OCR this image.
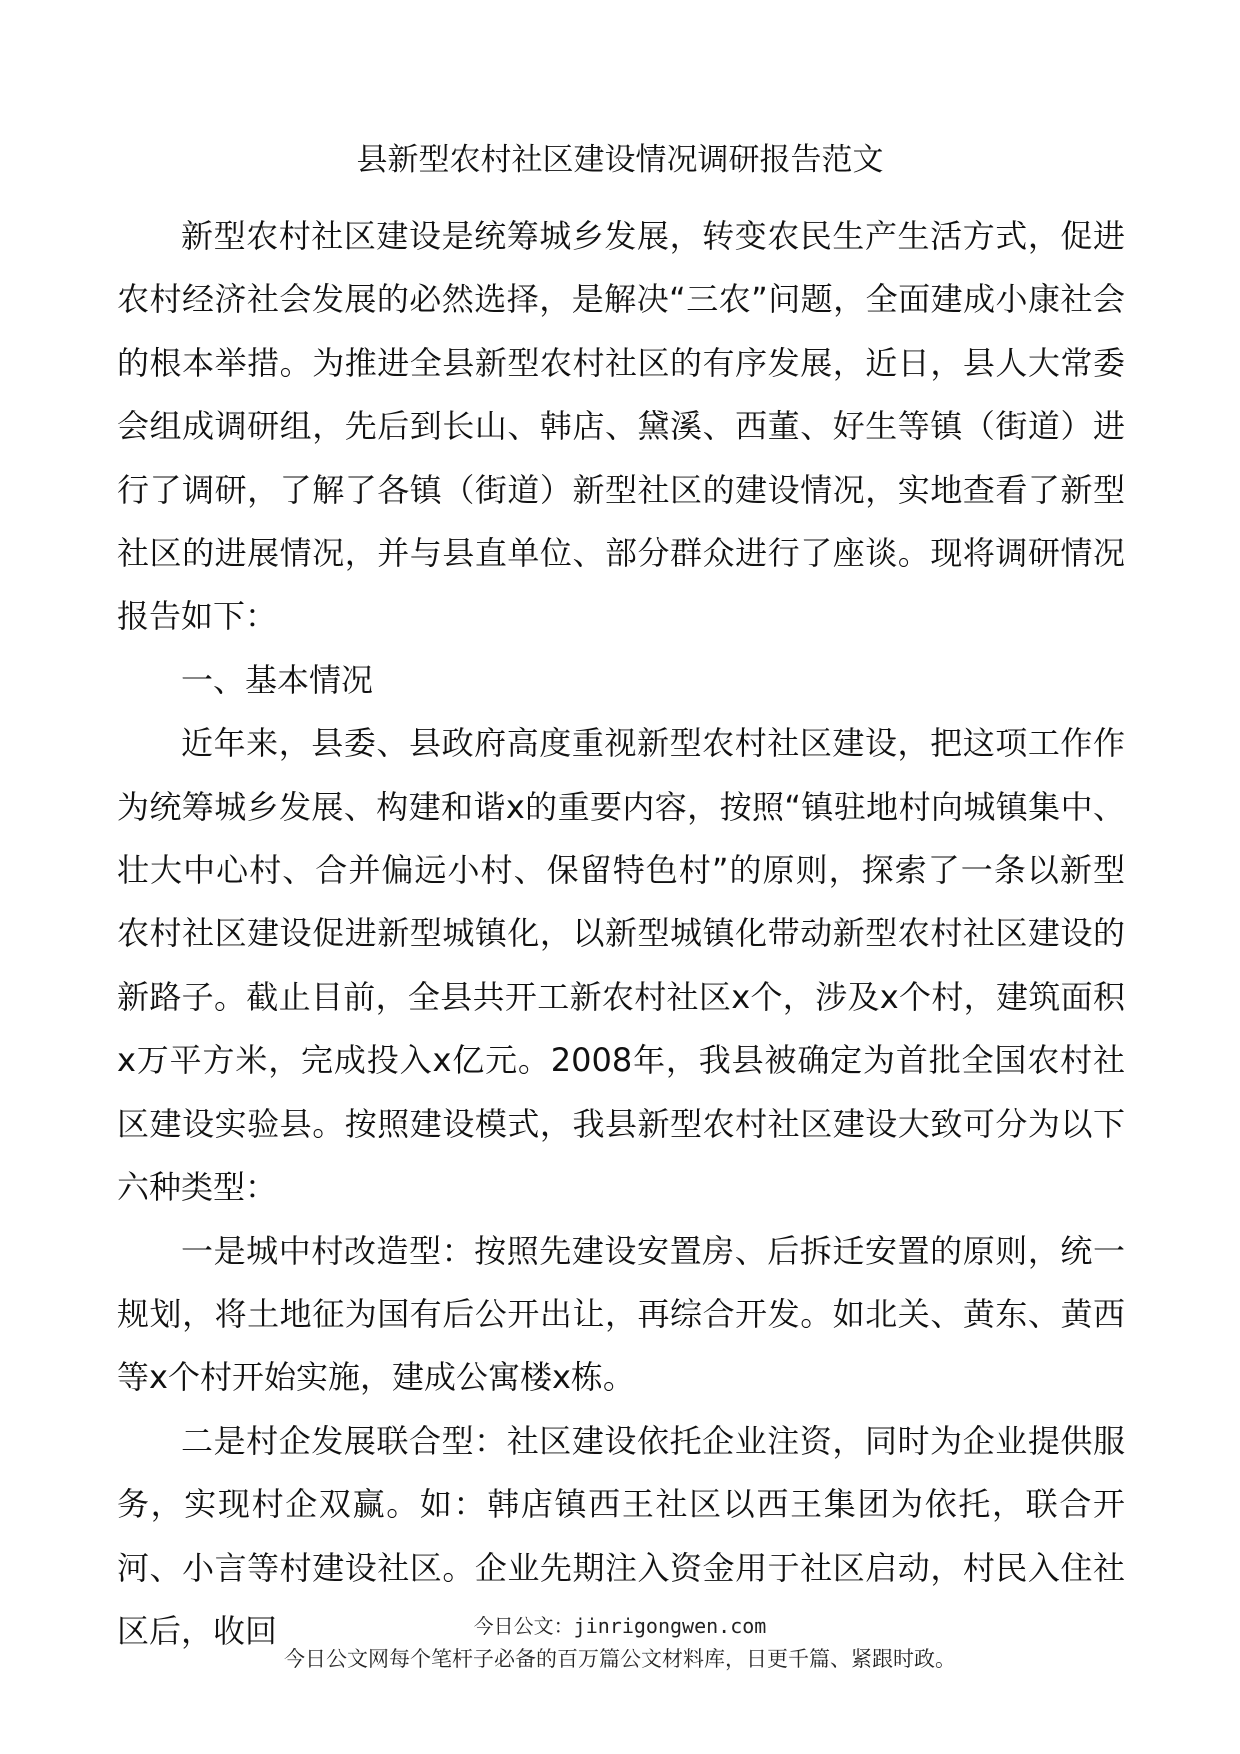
县新型农村社区建设情况调研报告范文

新型农村社区建设是统筹城乡发展，转变农民生产生活方式，促进农村经济社会发展的必然选择，是解决“三农”问题，全面建成小康社会的根本举措。为推进全县新型农村社区的有序发展，近日，县人大常委会组成调研组，先后到长山、韩店、黛溪、西董、好生等镇（街道）进行了调研，了解了各镇（街道）新型社区的建设情况，实地查看了新型社区的进展情况，并与县直单位、部分群众进行了座谈。现将调研情况报告如下：

一、基本情况

近年来，县委、县政府高度重视新型农村社区建设，把这项工作作为统筹城乡发展、构建和谐x的重要内容，按照“镇驻地村向城镇集中、壮大中心村、合并偏远小村、保留特色村”的原则，探索了一条以新型农村社区建设促进新型城镇化，以新型城镇化带动新型农村社区建设的新路子。截止目前，全县共开工新农村社区x个，涉及x个村，建筑面积x万平方米，完成投入x亿元。2008年，我县被确定为首批全国农村社区建设实验县。按照建设模式，我县新型农村社区建设大致可分为以下六种类型：

一是城中村改造型：按照先建设安置房、后拆迁安置的原则，统一规划，将土地征为国有后公开出让，再综合开发。如北关、黄东、黄西等x个村开始实施，建成公寓楼x栋。

二是村企发展联合型：社区建设依托企业注资，同时为企业提供服务，实现村企双赢。如：韩店镇西王社区以西王集团为依托，联合开河、小言等村建设社区。企业先期注入资金用于社区启动，村民入住社区后，收回	今日公文：jinrigongwen.com
今日公文网每个笔杆子必备的百万篇公文材料库，日更千篇、紧跟时政。
